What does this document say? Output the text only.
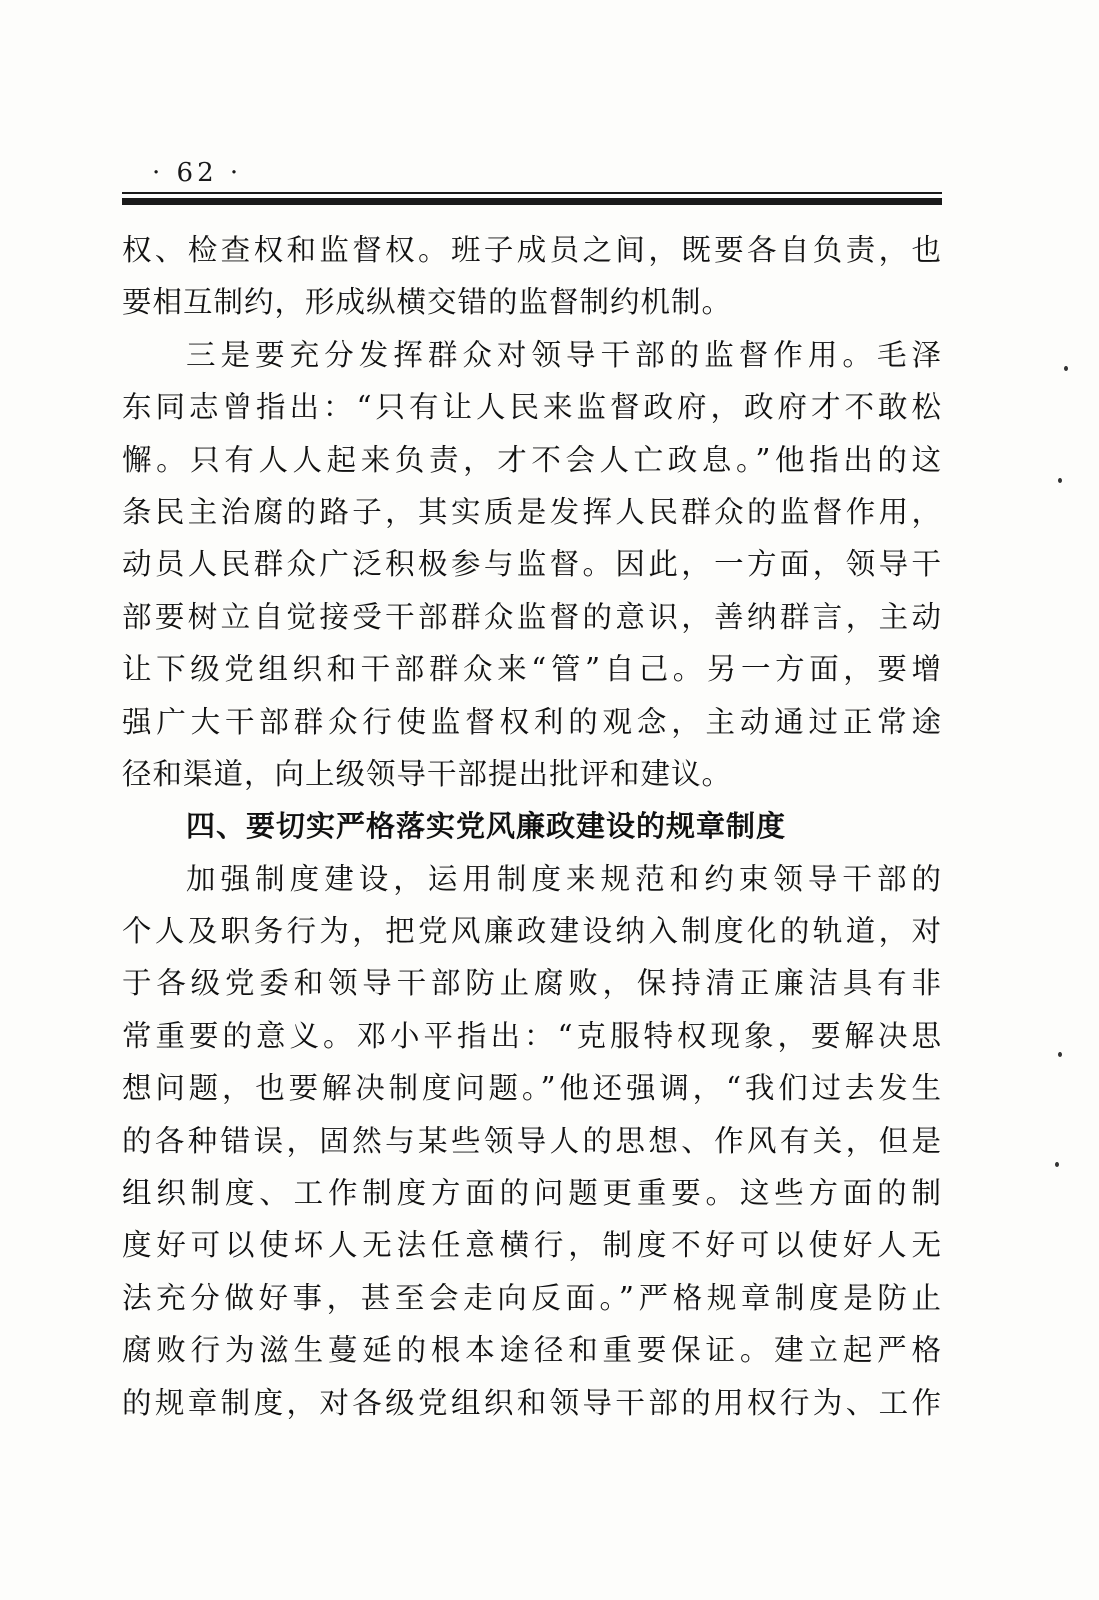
· 62 ·
权、检查权和监督权。班子成员之间，既要各自负责，也
要相互制约，形成纵横交错的监督制约机制。
三是要充分发挥群众对领导干部的监督作用。毛泽
东同志曾指出：“只有让人民来监督政府，政府才不敢松
懈。只有人人起来负责，才不会人亡政息。”他指出的这
条民主治腐的路子，其实质是发挥人民群众的监督作用，
动员人民群众广泛积极参与监督。因此，一方面，领导干
部要树立自觉接受干部群众监督的意识，善纳群言，主动
让下级党组织和干部群众来“管”自己。另一方面，要增
强广大干部群众行使监督权利的观念，主动通过正常途
径和渠道，向上级领导干部提出批评和建议。
四、要切实严格落实党风廉政建设的规章制度
加强制度建设，运用制度来规范和约束领导干部的
个人及职务行为，把党风廉政建设纳入制度化的轨道，对
于各级党委和领导干部防止腐败，保持清正廉洁具有非
常重要的意义。邓小平指出：“克服特权现象，要解决思
想问题，也要解决制度问题。”他还强调，“我们过去发生
的各种错误，固然与某些领导人的思想、作风有关，但是
组织制度、工作制度方面的问题更重要。这些方面的制
度好可以使坏人无法任意横行，制度不好可以使好人无
法充分做好事，甚至会走向反面。”严格规章制度是防止
腐败行为滋生蔓延的根本途径和重要保证。建立起严格
的规章制度，对各级党组织和领导干部的用权行为、工作
